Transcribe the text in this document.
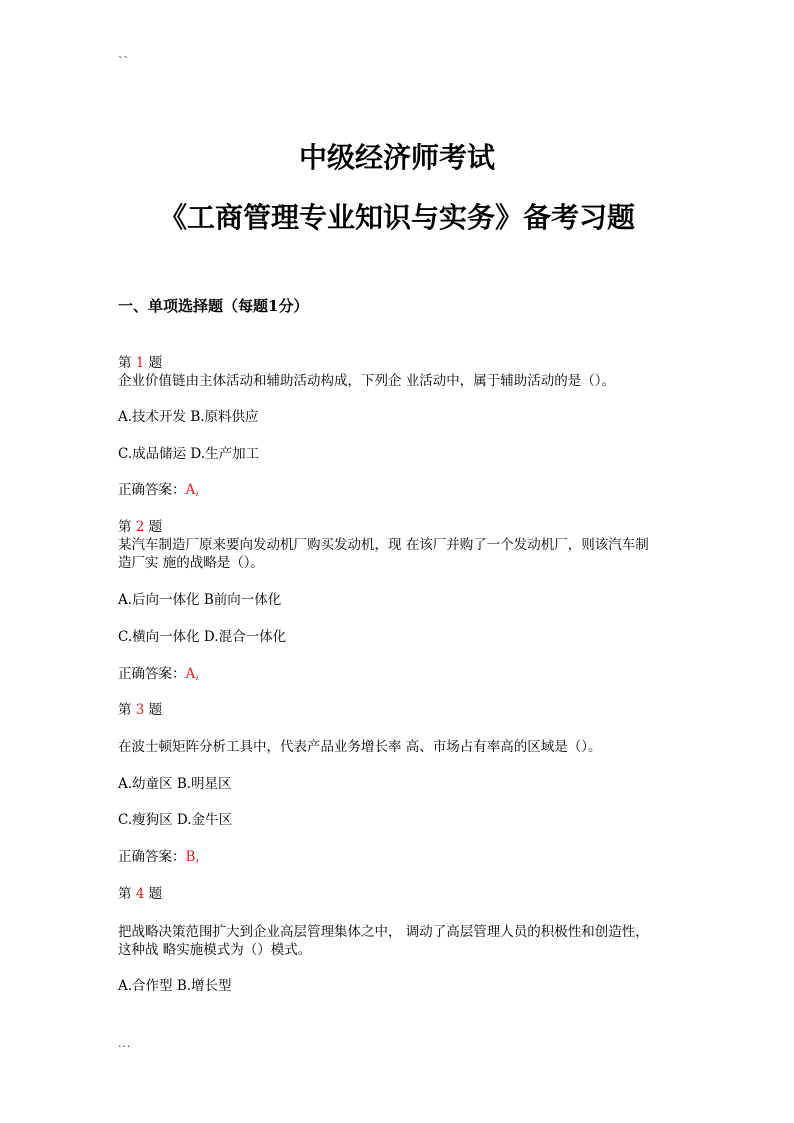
``
中级经济师考试
《工商管理专业知识与实务》备考习题
一、单项选择题（每题1分）
第 1 题
企业价值链由主体活动和辅助活动构成，下列企 业活动中，属于辅助活动的是（）。
A.技术开发 B.原料供应
C.成品储运 D.生产加工
正确答案：A,
第 2 题
某汽车制造厂原来要向发动机厂购买发动机，现 在该厂并购了一个发动机厂，则该汽车制
造厂实 施的战略是（）。
A.后向一体化 B前向一体化
C.横向一体化 D.混合一体化
正确答案：A,
第 3 题
在波士顿矩阵分析工具中，代表产品业务增长率 高、市场占有率高的区域是（）。
A.幼童区 B.明星区
C.瘦狗区 D.金牛区
正确答案：B,
第 4 题
把战略决策范围扩大到企业高层管理集体之中， 调动了高层管理人员的积极性和创造性，
这种战 略实施模式为（）模式。
A.合作型 B.增长型
...
